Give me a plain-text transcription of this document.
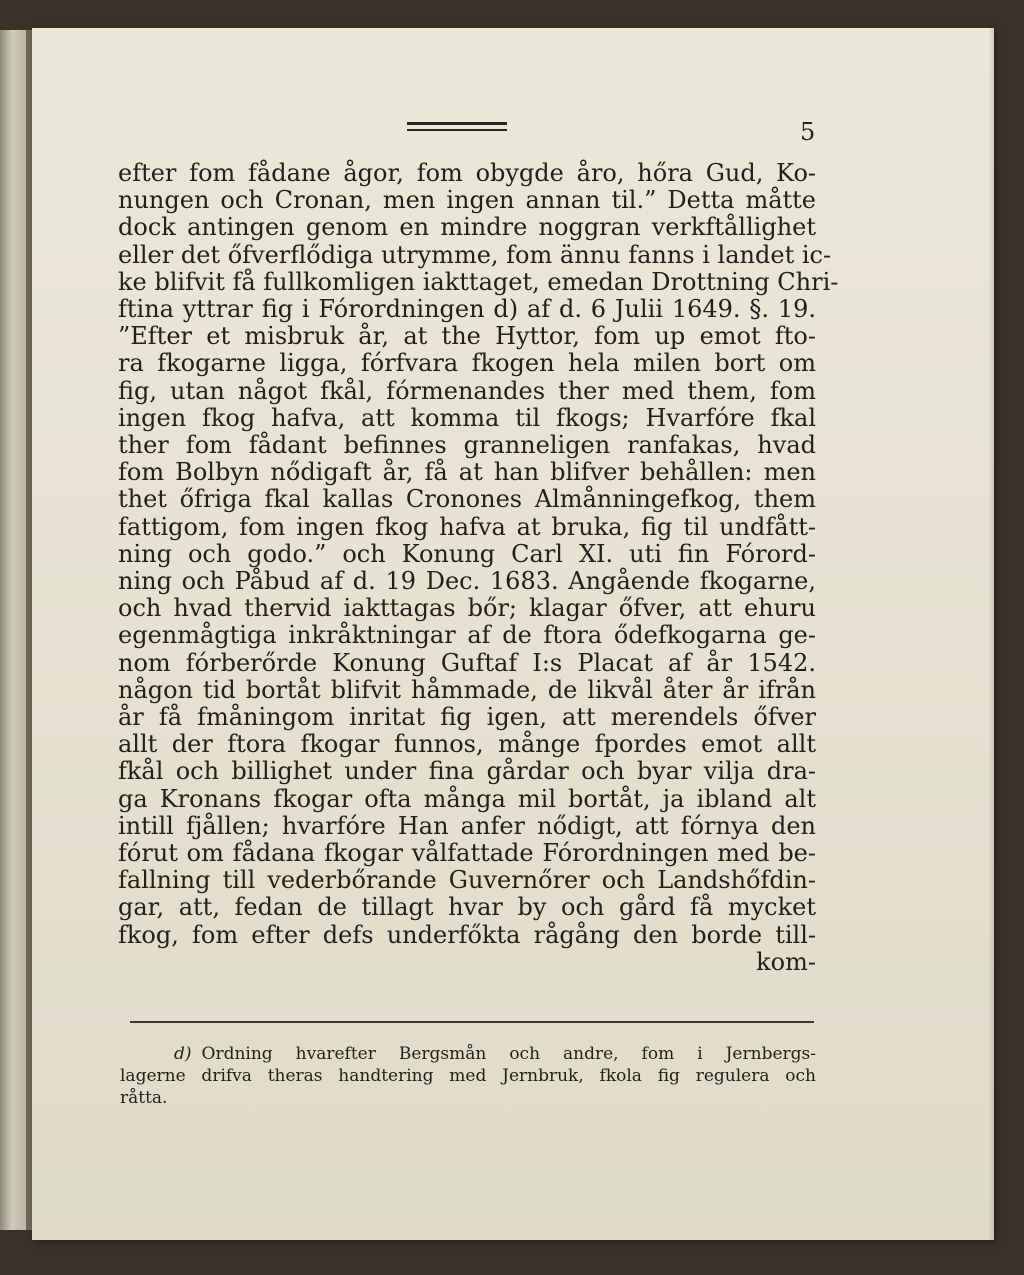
5
efter fom fådane ågor, fom obygde åro, hőra Gud, Ko-
nungen och Cronan, men ingen annan til.” Detta måtte
dock antingen genom en mindre noggran verkftållighet
eller det őfverflődiga utrymme, fom ännu fanns i landet ic-
ke blifvit få fullkomligen iakttaget, emedan Drottning Chri-
ftina yttrar fig i Fórordningen d) af d. 6 Julii 1649. §. 19.
”Efter et misbruk år, at the Hyttor, fom up emot fto-
ra fkogarne ligga, fórfvara fkogen hela milen bort om
fig, utan något fkål, fórmenandes ther med them, fom
ingen fkog hafva, att komma til fkogs; Hvarfóre fkal
ther fom fådant befinnes granneligen ranfakas, hvad
fom Bolbyn nődigaft år, få at han blifver behållen: men
thet őfriga fkal kallas Cronones Almånningefkog, them
fattigom, fom ingen fkog hafva at bruka, fig til undfått-
ning och godo.” och Konung Carl XI. uti fin Fórord-
ning och Påbud af d. 19 Dec. 1683. Angående fkogarne,
och hvad thervid iakttagas bőr; klagar őfver, att ehuru
egenmågtiga inkråktningar af de ftora ődefkogarna ge-
nom fórberőrde Konung Guftaf I:s Placat af år 1542.
någon tid bortåt blifvit håmmade, de likvål åter år ifrån
år få fmåningom inritat fig igen, att merendels őfver
allt der ftora fkogar funnos, månge fpordes emot allt
fkål och billighet under fina gårdar och byar vilja dra-
ga Kronans fkogar ofta många mil bortåt, ja ibland alt
intill fjållen; hvarfóre Han anfer nődigt, att fórnya den
fórut om fådana fkogar vålfattade Fórordningen med be-
fallning till vederbőrande Guvernőrer och Landshőfdin-
gar, att, fedan de tillagt hvar by och gård få mycket
fkog, fom efter defs underfőkta rågång den borde till-
kom-
d) Ordning hvarefter Bergsmån och andre, fom i Jernbergs-
lagerne drifva theras handtering med Jernbruk, fkola fig regulera och
råtta.
